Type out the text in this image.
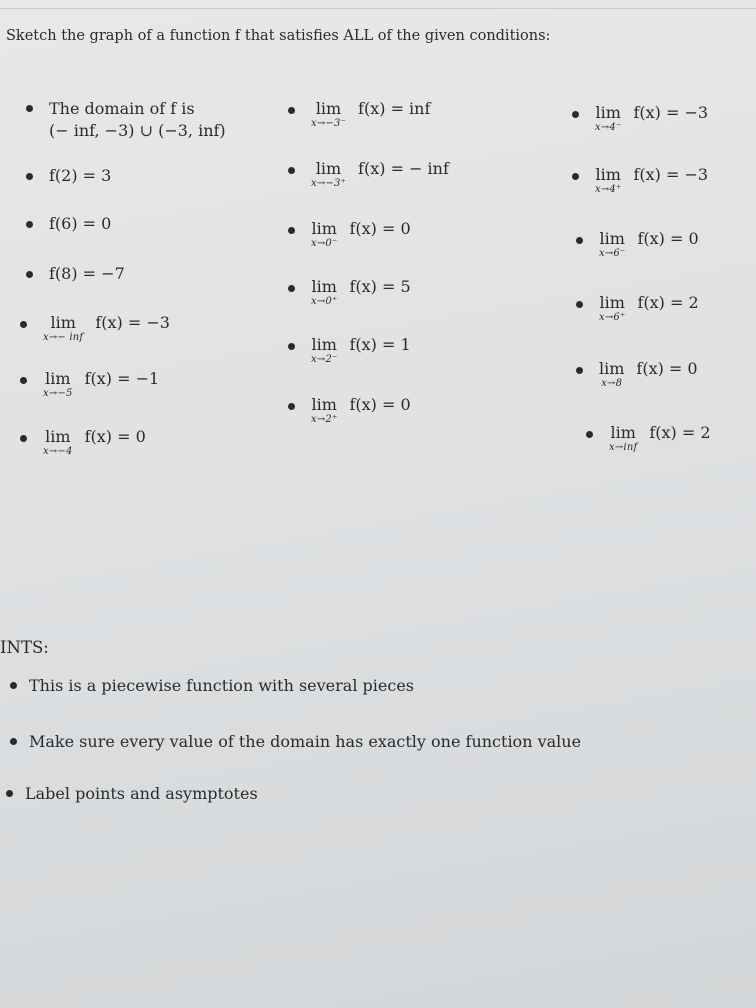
Sketch the graph of a function f that satisfies ALL of the given conditions:
The domain of f is
(− inf, −3) ∪ (−3, inf)
f(2) = 3
f(6) = 0
f(8) = −7
lim
x→− inf
f(x) = −3
lim
x→−5
f(x) = −1
lim
x→−4
f(x) = 0
lim
x→−3⁻
f(x) = inf
lim
x→−3⁺
f(x) = − inf
lim
x→0⁻
f(x) = 0
lim
x→0⁺
f(x) = 5
lim
x→2⁻
f(x) = 1
lim
x→2⁺
f(x) = 0
lim
x→4⁻
f(x) = −3
lim
x→4⁺
f(x) = −3
lim
x→6⁻
f(x) = 0
lim
x→6⁺
f(x) = 2
lim
x→8
f(x) = 0
lim
x→inf
f(x) = 2
INTS:
This is a piecewise function with several pieces
Make sure every value of the domain has exactly one function value
Label points and asymptotes
